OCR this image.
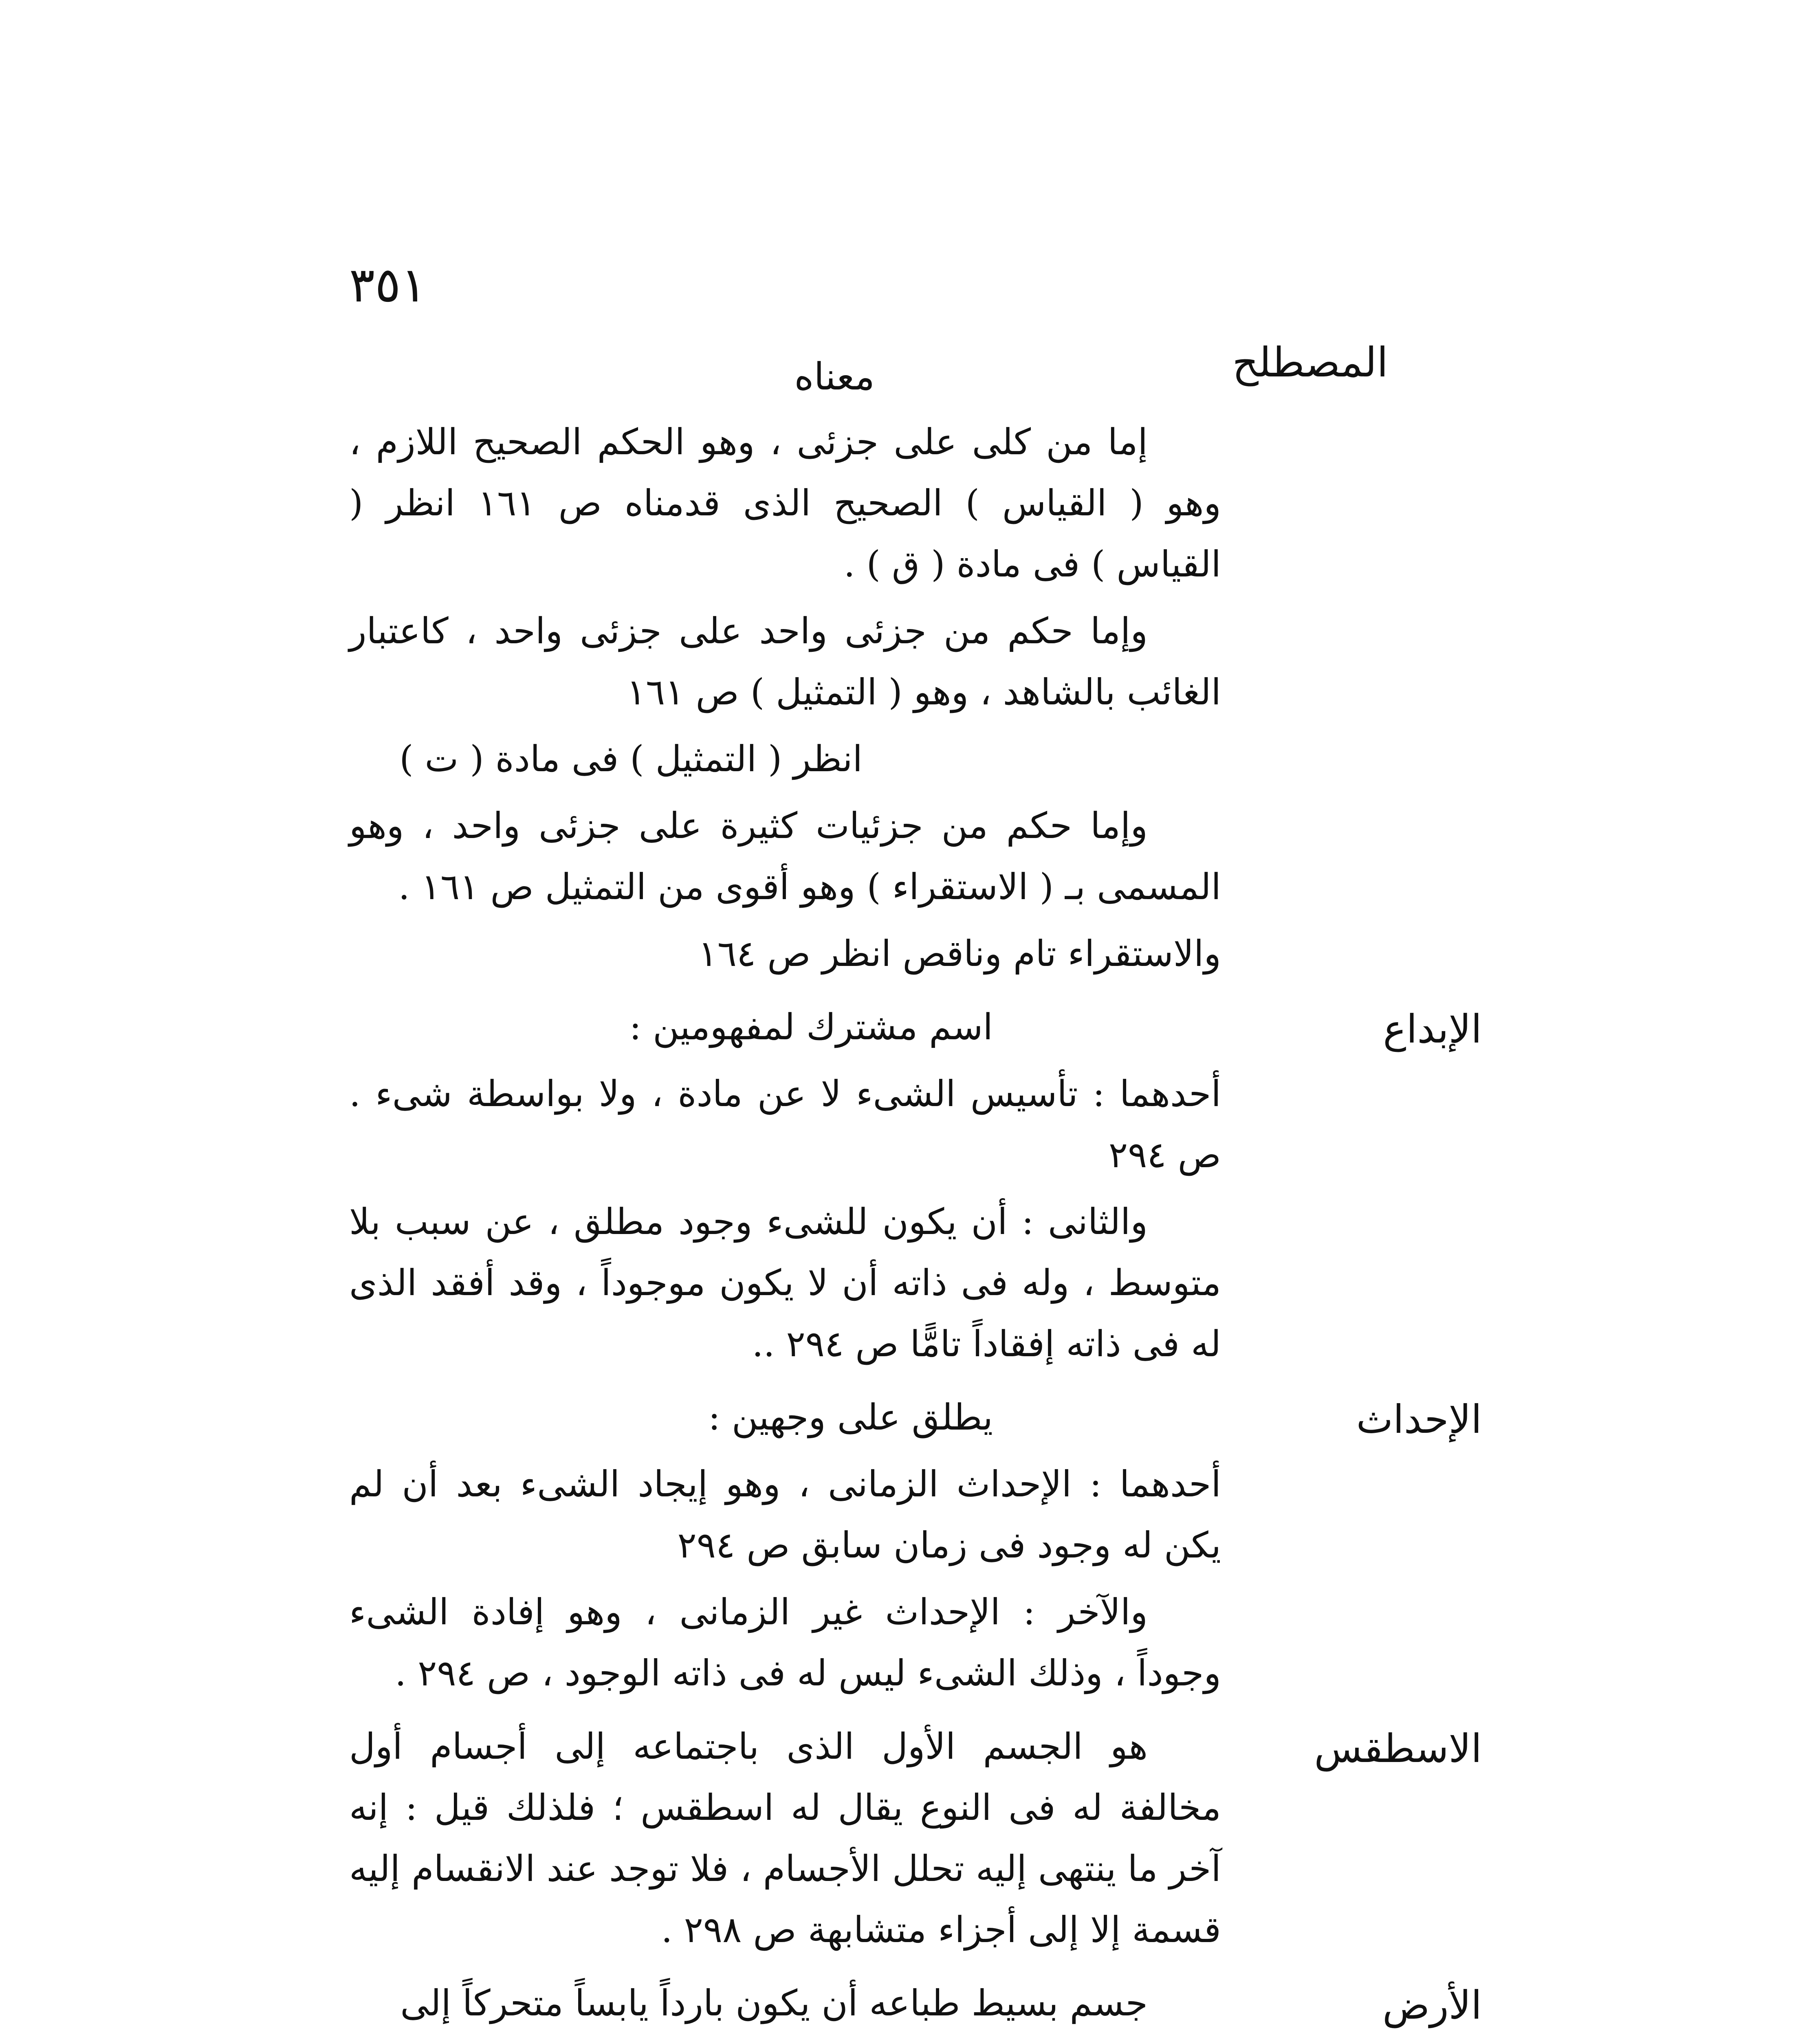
٣٥١
المصطلح
معناه

إما من كلى على جزئى ، وهو الحكم الصحيح اللازم ، وهو ( القياس ) الصحيح الذى قدمناه ص ١٦١ انظر ( القياس ) فى مادة ( ق ) .

وإما حكم من جزئى واحد على جزئى واحد ، كاعتبار الغائب بالشاهد ، وهو ( التمثيل ) ص ١٦١

انظر ( التمثيل ) فى مادة ( ت )

وإما حكم من جزئيات كثيرة على جزئى واحد ، وهو المسمى بـ ( الاستقراء ) وهو أقوى من التمثيل ص ١٦١ .

والاستقراء تام وناقص انظر ص ١٦٤

الإبداع

اسم مشترك لمفهومين :

أحدهما : تأسيس الشىء لا عن مادة ، ولا بواسطة شىء . ص ٢٩٤

والثانى : أن يكون للشىء وجود مطلق ، عن سبب بلا متوسط ، وله فى ذاته أن لا يكون موجوداً ، وقد أفقد الذى له فى ذاته إفقاداً تامًّا ص ٢٩٤ ..

الإحداث

يطلق على وجهين :

أحدهما : الإحداث الزمانى ، وهو إيجاد الشىء بعد أن لم يكن له وجود فى زمان سابق ص ٢٩٤

والآخر : الإحداث غير الزمانى ، وهو إفادة الشىء وجوداً ، وذلك الشىء ليس له فى ذاته الوجود ، ص ٢٩٤ .

الاسطقس

هو الجسم الأول الذى باجتماعه إلى أجسام أول مخالفة له فى النوع يقال له اسطقس ؛ فلذلك قيل : إنه آخر ما ينتهى إليه تحلل الأجسام ، فلا توجد عند الانقسام إليه قسمة إلا إلى أجزاء متشابهة ص ٢٩٨ .

الأرض

جسم بسيط طباعه أن يكون بارداً يابساً متحركاً إلى
